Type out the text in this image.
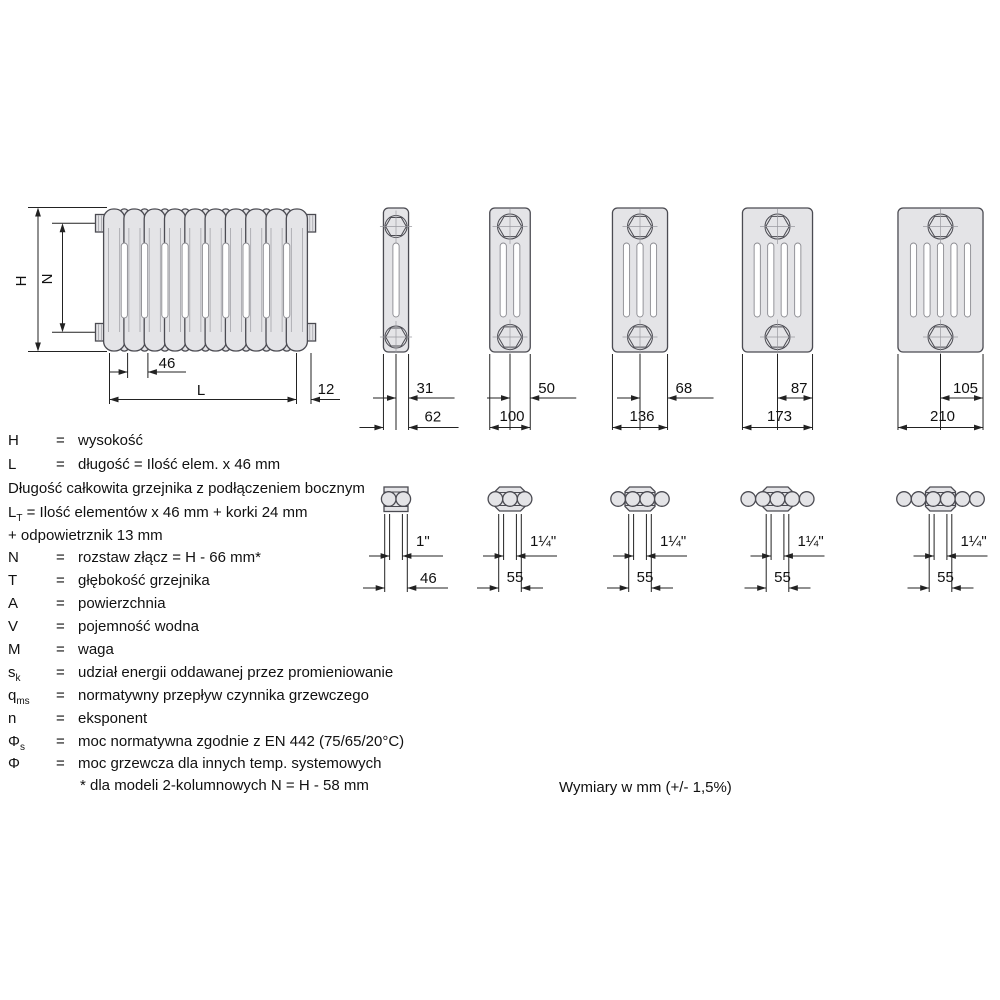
H N
46
L	12	31
62
1"
46
50
100
1¼"
55
68
136
1¼"
55
87
173
1¼"
55
105
210
1¼"
55
H = wysokość
L	= długość = Ilość elem. x 46 mm
Długość całkowita grzejnika z podłączeniem bocznym
$L_T$ = Ilość elementów x 46 mm + korki 24 mm
+ odpowietrznik 13 mm
N = rozstaw złącz = H - 66 mm*
T	= głębokość grzejnika
A	= powierzchnia
V	= pojemność wodna
M = waga
$s_k$ = udział energii oddawanej przez promieniowanie
$q_{ms}$ = normatywny przepływ czynnika grzewczego
n	= eksponent
$\Phi_s$ = moc normatywna zgodnie z EN 442 (75/65/20°C)
Φ = moc grzewcza dla innych temp. systemowych
* dla modeli 2-kolumnowych N = H - 58 mm	Wymiary w mm (+/- 1,5%)
